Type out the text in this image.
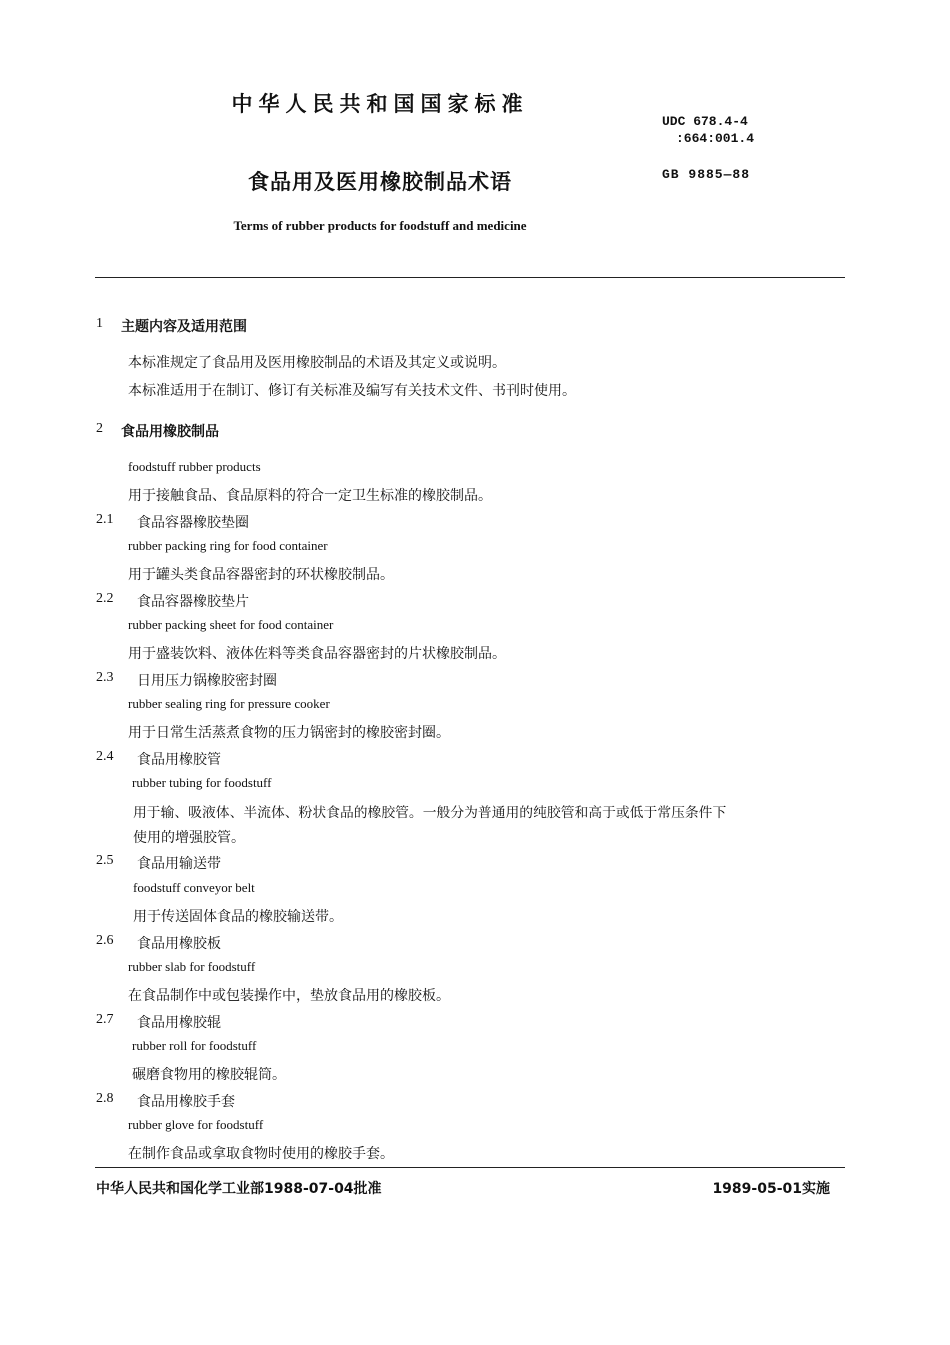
中华人民共和国国家标准
UDC 678.4-4
:664:001.4
GB 9885—88
食品用及医用橡胶制品术语
Terms of rubber products for foodstuff and medicine
1 主题内容及适用范围
本标准规定了食品用及医用橡胶制品的术语及其定义或说明。
本标准适用于在制订、修订有关标准及编写有关技术文件、书刊时使用。
2 食品用橡胶制品
foodstuff rubber products
用于接触食品、食品原料的符合一定卫生标准的橡胶制品。
2.1 食品容器橡胶垫圈
rubber packing ring for food container
用于罐头类食品容器密封的环状橡胶制品。
2.2 食品容器橡胶垫片
rubber packing sheet for food container
用于盛装饮料、液体佐料等类食品容器密封的片状橡胶制品。
2.3 日用压力锅橡胶密封圈
rubber sealing ring for pressure cooker
用于日常生活蒸煮食物的压力锅密封的橡胶密封圈。
2.4 食品用橡胶管
rubber tubing for foodstuff
用于输、吸液体、半流体、粉状食品的橡胶管。一般分为普通用的纯胶管和高于或低于常压条件下
使用的增强胶管。
2.5 食品用输送带
foodstuff conveyor belt
用于传送固体食品的橡胶输送带。
2.6 食品用橡胶板
rubber slab for foodstuff
在食品制作中或包装操作中，垫放食品用的橡胶板。
2.7 食品用橡胶辊
rubber roll for foodstuff
碾磨食物用的橡胶辊筒。
2.8 食品用橡胶手套
rubber glove for foodstuff
在制作食品或拿取食物时使用的橡胶手套。
中华人民共和国化学工业部1988-07-04批准	1989-05-01实施
